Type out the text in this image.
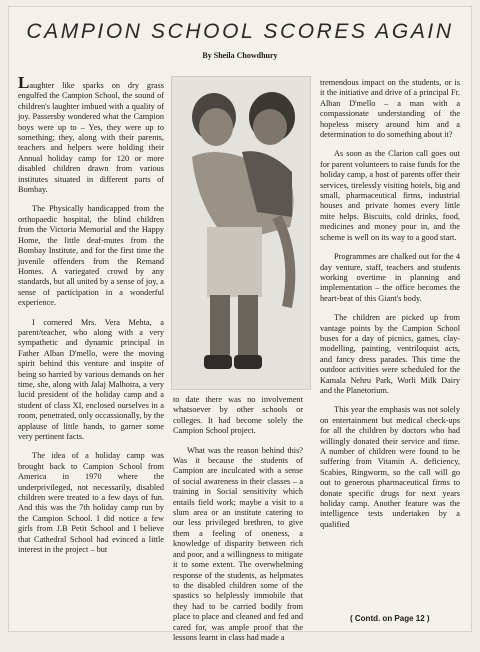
CAMPION SCHOOL SCORES AGAIN
By Sheila Chowdhury

Laughter like sparks on dry grass engulfed the Campion School, the sound of children's laughter imbued with a quality of joy. Passersby wondered what the Campion boys were up to – Yes, they were up to something; they, along with their parents, teachers and helpers were holding their Annual holiday camp for 120 or more disabled children drawn from various institutes situated in different parts of Bombay.

The Physically handicapped from the orthopaedic hospital, the blind children from the Victoria Memorial and the Happy Home, the little deaf-mutes from the Bombay Institute, and for the first time the juvenile offenders from the Remand Homes. A variegated crowd by any standards, but all united by a sense of joy, a sense of participation in a wonderful experience.

I cornered Mrs. Vera Mehta, a parent/teacher, who along with a very sympathetic and dynamic principal in Father Alban D'mello, were the moving spirit behind this venture and inspite of being so harried by various demands on her time, she, along with Jalaj Malhotra, a very lucid president of the holiday camp and a student of class XI, enclosed ourselves in a room, penetrated, only occassionally, by the applause of little hands, to garner some very pertinent facts.

The idea of a holiday camp was brought back to Campion School from America in 1970 where the underprivileged, not necessarily, disabled children were treated to a few days of fun. And this was the 7th holiday camp run by the Campion School. I did notice a few girls from J.B Petit School and I believe that Cathedral School had evinced a little interest in the project – but

to date there was no involvement whatsoever by other schools or colleges. It had become solely the Campion School project.

What was the reason behind this? Was it because the students of Campion are inculcated with a sense of social awareness in their classes – a training in Social sensitivity which entails field work; maybe a visit to a slum area or an institute catering to our less privileged brethren, to give them a feeling of oneness, a knowledge of disparity between rich and poor, and a willingness to mitigate it to some extent. The overwhelming response of the students, as helpmates to the disabled children some of the spastics so helplessly immobile that they had to be carried bodily from place to place and cleaned and fed and cared for, was ample proof that the lessons learnt in class had made a

tremendous impact on the students, or is it the initiative and drive of a principal Fr. Alban D'mello – a man with a compassionate understanding of the hopeless misery around him and a determination to do something about it?

As soon as the Clarion call goes out for parent volunteers to raise funds for the holiday camp, a host of parents offer their services, tirelessly visiting hotels, big and small, pharmaceutical firms, industrial houses and private homes every little mite helps. Biscuits, cold drinks, food, medicines and money pour in, and the scheme is well on its way to a good start.

Programmes are chalked out for the 4 day venture, staff, teachers and students working overtime in planning and implementation – the office becomes the heart-beat of this Giant's body.

The children are picked up from vantage points by the Campion School buses for a day of picnics, games, clay-modelling, painting, ventriloquist acts, and fancy dress parades. This time the outdoor activities were scheduled for the Kamala Nehru Park, Worli Milk Dairy and the Planetorium.

This year the emphasis was not solely on entertainment but medical check-ups for all the children by doctors who had willingly donated their service and time. A number of children were found to be suffering from Vitamin A. deficiency, Scabies, Ringworm, so the call will go out to generous pharmaceutical firms to donate specific drugs for next years holiday camp. Another feature was the intelligence tests undertaken by a qualified

( Contd. on Page 12 )
